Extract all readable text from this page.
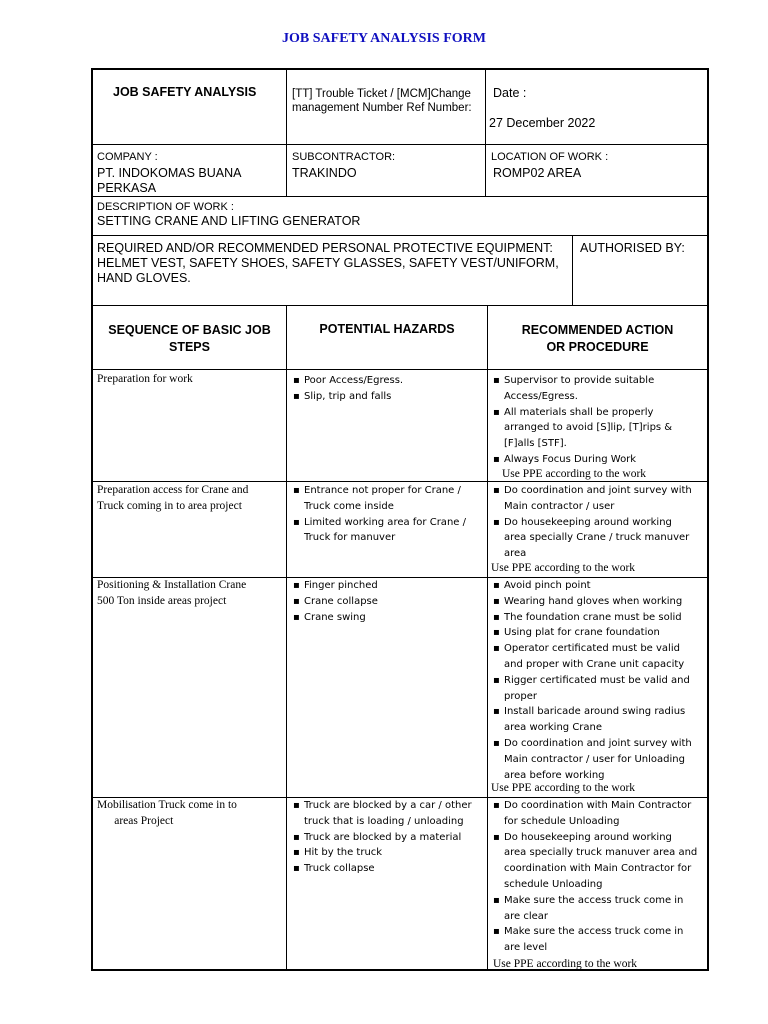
JOB SAFETY ANALYSIS FORM
JOB SAFETY ANALYSIS	[TT] Trouble Ticket / [MCM]Change
management Number Ref Number:
Date :
27 December 2022
COMPANY :
PT. INDOKOMAS BUANA
PERKASA
SUBCONTRACTOR:
TRAKINDO
LOCATION OF WORK :
ROMP02 AREA
DESCRIPTION OF WORK :
SETTING CRANE AND LIFTING GENERATOR
REQUIRED AND/OR RECOMMENDED PERSONAL PROTECTIVE EQUIPMENT:
HELMET VEST, SAFETY SHOES, SAFETY GLASSES, SAFETY VEST/UNIFORM,
HAND GLOVES.
AUTHORISED BY:
SEQUENCE OF BASIC JOB
STEPS
POTENTIAL HAZARDS	RECOMMENDED ACTION
OR PROCEDURE
Preparation for work
▪	Poor Access/Egress.
▪ Slip, trip and falls
▪ Supervisor to provide suitable
Access/Egress.
▪ All materials shall be properly
arranged to avoid [S]lip, [T]rips &
[F]alls [STF].
▪ Always Focus During Work
Use PPE according to the work
Preparation access for Crane and
Truck coming in to area project
▪ Entrance not proper for Crane /
Truck come inside
▪ Limited working area for Crane /
Truck for manuver
▪ Do coordination and joint survey with
Main contractor / user
▪ Do housekeeping around working
area specially Crane / truck manuver
area
Use PPE according to the work
Positioning & Installation Crane
500 Ton inside areas project
▪ Finger pinched
▪ Crane collapse
▪ Crane swing
▪ Avoid pinch point
▪ Wearing hand gloves when working
▪ The foundation crane must be solid
▪ Using plat for crane foundation
▪ Operator certificated must be valid
and proper with Crane unit capacity
▪ Rigger certificated must be valid and
proper
▪ Install baricade around swing radius
area working Crane
▪ Do coordination and joint survey with
Main contractor / user for Unloading
area before working
Use PPE according to the work
Mobilisation Truck come in to
areas Project
▪ Truck are blocked by a car / other
truck that is loading / unloading
▪ Truck are blocked by a material
▪ Hit by the truck
▪ Truck collapse
▪ Do coordination with Main Contractor
for schedule Unloading
▪ Do housekeeping around working
area specially truck manuver area and
coordination with Main Contractor for
schedule Unloading
▪ Make sure the access truck come in
are clear
▪ Make sure the access truck come in
are level
Use PPE according to the work
